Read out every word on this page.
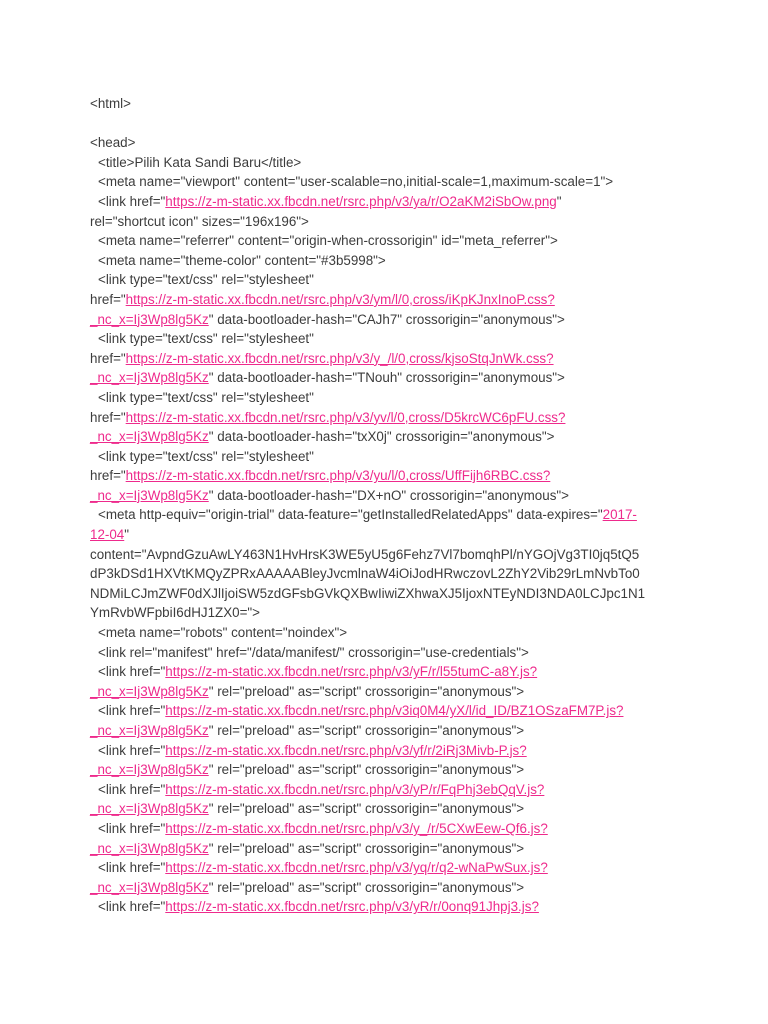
<html>
<head>
<title>Pilih Kata Sandi Baru</title>
<meta name="viewport" content="user-scalable=no,initial-scale=1,maximum-scale=1">
<link href="https://z-m-static.xx.fbcdn.net/rsrc.php/v3/ya/r/O2aKM2iSbOw.png"
rel="shortcut icon" sizes="196x196">
<meta name="referrer" content="origin-when-crossorigin" id="meta_referrer">
<meta name="theme-color" content="#3b5998">
<link type="text/css" rel="stylesheet"
href="https://z-m-static.xx.fbcdn.net/rsrc.php/v3/ym/l/0,cross/iKpKJnxInoP.css?
_nc_x=Ij3Wp8lg5Kz" data-bootloader-hash="CAJh7" crossorigin="anonymous">
<link type="text/css" rel="stylesheet"
href="https://z-m-static.xx.fbcdn.net/rsrc.php/v3/y_/l/0,cross/kjsoStqJnWk.css?
_nc_x=Ij3Wp8lg5Kz" data-bootloader-hash="TNouh" crossorigin="anonymous">
<link type="text/css" rel="stylesheet"
href="https://z-m-static.xx.fbcdn.net/rsrc.php/v3/yv/l/0,cross/D5krcWC6pFU.css?
_nc_x=Ij3Wp8lg5Kz" data-bootloader-hash="txX0j" crossorigin="anonymous">
<link type="text/css" rel="stylesheet"
href="https://z-m-static.xx.fbcdn.net/rsrc.php/v3/yu/l/0,cross/UffFijh6RBC.css?
_nc_x=Ij3Wp8lg5Kz" data-bootloader-hash="DX+nO" crossorigin="anonymous">
<meta http-equiv="origin-trial" data-feature="getInstalledRelatedApps" data-expires="2017-
12-04"
content="AvpndGzuAwLY463N1HvHrsK3WE5yU5g6Fehz7Vl7bomqhPl/nYGOjVg3TI0jq5tQ5
dP3kDSd1HXVtKMQyZPRxAAAAABleyJvcmlnaW4iOiJodHRwczovL2ZhY2Vib29rLmNvbTo0
NDMiLCJmZWF0dXJlIjoiSW5zdGFsbGVkQXBwIiwiZXhwaXJ5IjoxNTEyNDI3NDA0LCJpc1N1
YmRvbWFpbiI6dHJ1ZX0=">
<meta name="robots" content="noindex">
<link rel="manifest" href="/data/manifest/" crossorigin="use-credentials">
<link href="https://z-m-static.xx.fbcdn.net/rsrc.php/v3/yF/r/l55tumC-a8Y.js?
_nc_x=Ij3Wp8lg5Kz" rel="preload" as="script" crossorigin="anonymous">
<link href="https://z-m-static.xx.fbcdn.net/rsrc.php/v3iq0M4/yX/l/id_ID/BZ1OSzaFM7P.js?
_nc_x=Ij3Wp8lg5Kz" rel="preload" as="script" crossorigin="anonymous">
<link href="https://z-m-static.xx.fbcdn.net/rsrc.php/v3/yf/r/2iRj3Mivb-P.js?
_nc_x=Ij3Wp8lg5Kz" rel="preload" as="script" crossorigin="anonymous">
<link href="https://z-m-static.xx.fbcdn.net/rsrc.php/v3/yP/r/FqPhj3ebQqV.js?
_nc_x=Ij3Wp8lg5Kz" rel="preload" as="script" crossorigin="anonymous">
<link href="https://z-m-static.xx.fbcdn.net/rsrc.php/v3/y_/r/5CXwEew-Qf6.js?
_nc_x=Ij3Wp8lg5Kz" rel="preload" as="script" crossorigin="anonymous">
<link href="https://z-m-static.xx.fbcdn.net/rsrc.php/v3/yq/r/q2-wNaPwSux.js?
_nc_x=Ij3Wp8lg5Kz" rel="preload" as="script" crossorigin="anonymous">
<link href="https://z-m-static.xx.fbcdn.net/rsrc.php/v3/yR/r/0onq91Jhpj3.js?
